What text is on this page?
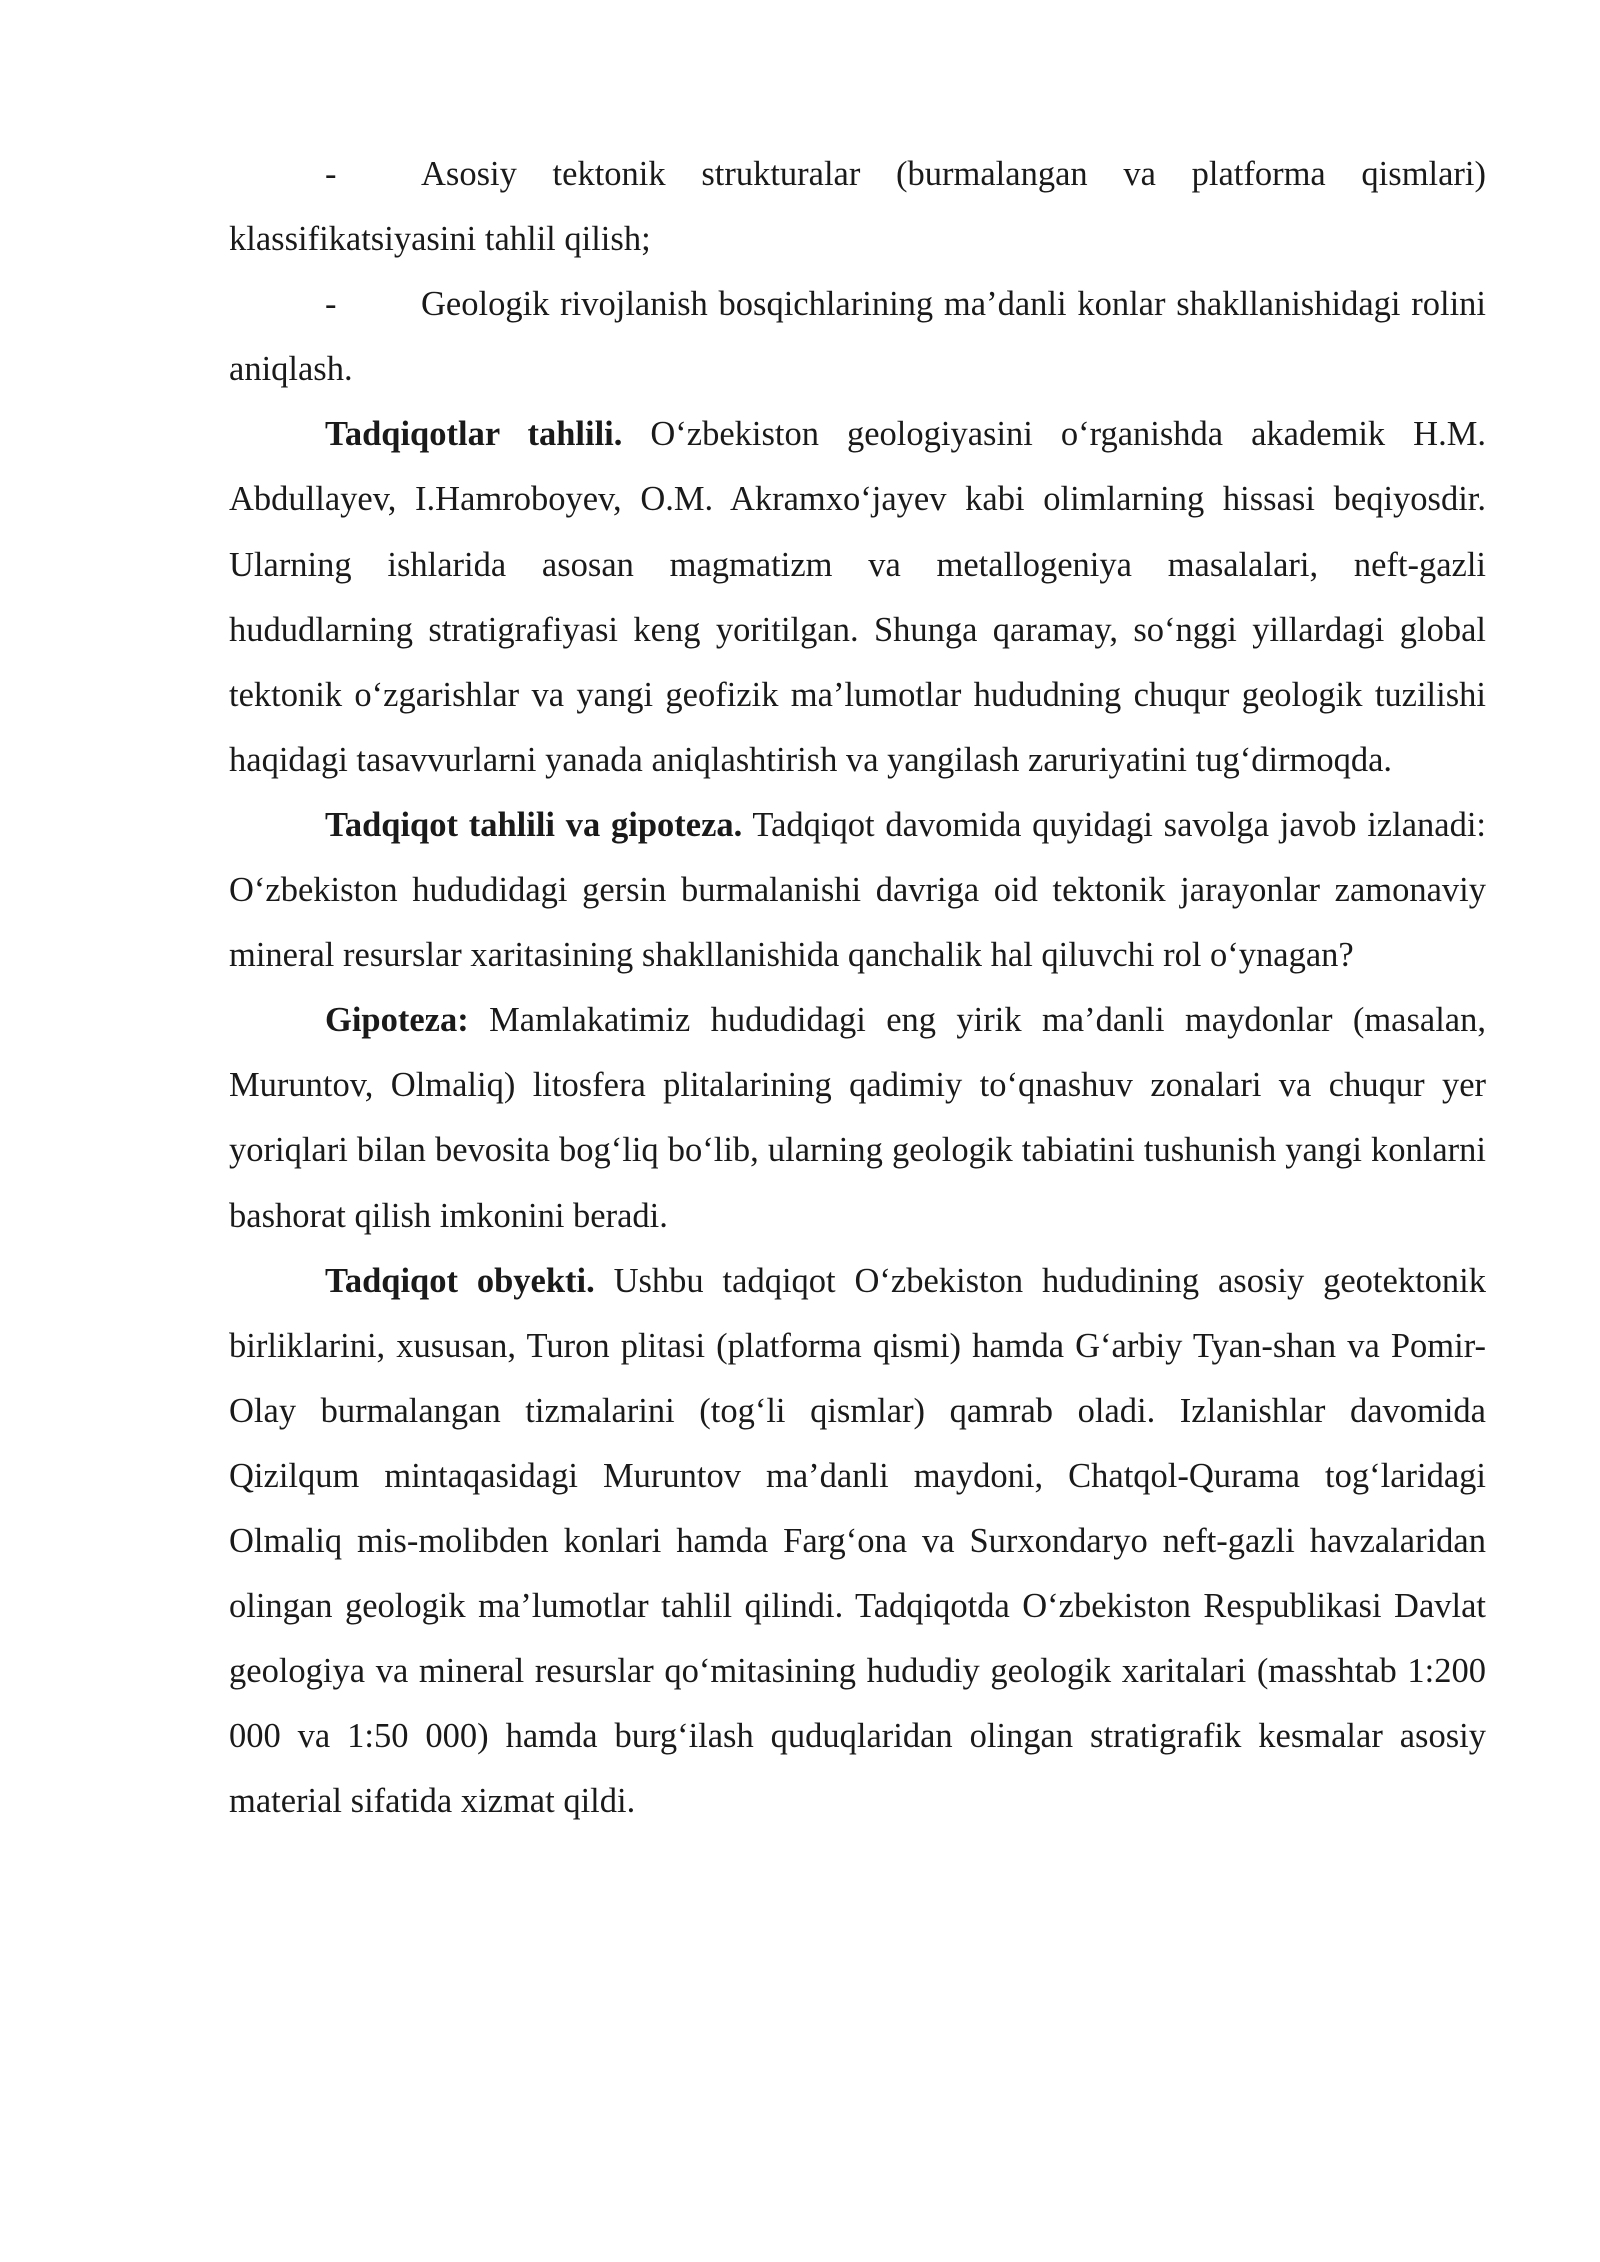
- Asosiy tektonik strukturalar (burmalangan va platforma qismlari) klassifikatsiyasini tahlil qilish;

- Geologik rivojlanish bosqichlarining ma’danli konlar shakllanishidagi rolini aniqlash.

Tadqiqotlar tahlili. O‘zbekiston geologiyasini o‘rganishda akademik H.M. Abdullayev, I.Hamroboyev, O.M. Akramxo‘jayev kabi olimlarning hissasi beqiyosdir. Ularning ishlarida asosan magmatizm va metallogeniya masalalari, neft-gazli hududlarning stratigrafiyasi keng yoritilgan. Shunga qaramay, so‘nggi yillardagi global tektonik o‘zgarishlar va yangi geofizik ma’lumotlar hududning chuqur geologik tuzilishi haqidagi tasavvurlarni yanada aniqlashtirish va yangilash zaruriyatini tug‘dirmoqda.

Tadqiqot tahlili va gipoteza. Tadqiqot davomida quyidagi savolga javob izlanadi: O‘zbekiston hududidagi gersin burmalanishi davriga oid tektonik jarayonlar zamonaviy mineral resurslar xaritasining shakllanishida qanchalik hal qiluvchi rol o‘ynagan?

Gipoteza: Mamlakatimiz hududidagi eng yirik ma’danli maydonlar (masalan, Muruntov, Olmaliq) litosfera plitalarining qadimiy to‘qnashuv zonalari va chuqur yer yoriqlari bilan bevosita bog‘liq bo‘lib, ularning geologik tabiatini tushunish yangi konlarni bashorat qilish imkonini beradi.

Tadqiqot obyekti. Ushbu tadqiqot O‘zbekiston hududining asosiy geotektonik birliklarini, xususan, Turon plitasi (platforma qismi) hamda G‘arbiy Tyan-shan va Pomir-Olay burmalangan tizmalarini (tog‘li qismlar) qamrab oladi. Izlanishlar davomida Qizilqum mintaqasidagi Muruntov ma’danli maydoni, Chatqol-Qurama tog‘laridagi Olmaliq mis-molibden konlari hamda Farg‘ona va Surxondaryo neft-gazli havzalaridan olingan geologik ma’lumotlar tahlil qilindi. Tadqiqotda O‘zbekiston Respublikasi Davlat geologiya va mineral resurslar qo‘mitasining hududiy geologik xaritalari (masshtab 1:200 000 va 1:50 000) hamda burg‘ilash quduqlaridan olingan stratigrafik kesmalar asosiy material sifatida xizmat qildi.
